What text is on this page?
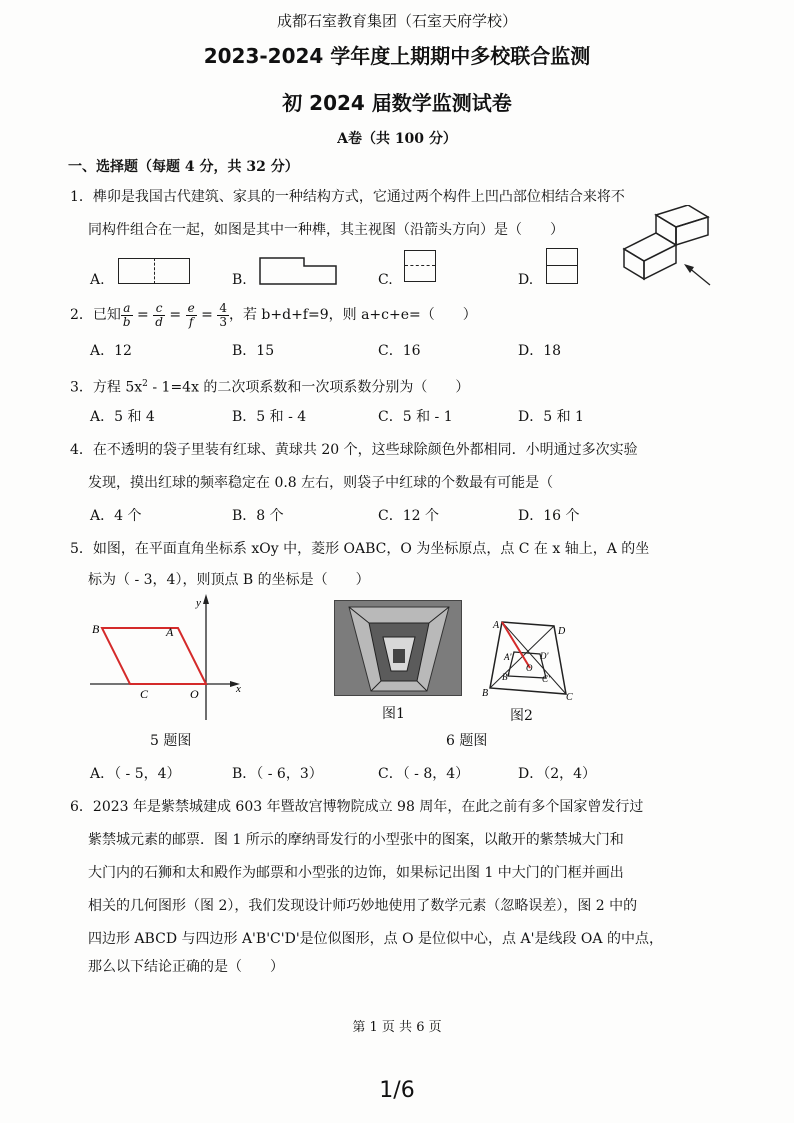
成都石室教育集团（石室天府学校）
2023-2024 学年度上期期中多校联合监测
初 2024 届数学监测试卷
A卷（共 100 分）
一、选择题（每题 4 分，共 32 分）
1．榫卯是我国古代建筑、家具的一种结构方式，它通过两个构件上凹凸部位相结合来将不
同构件组合在一起，如图是其中一种榫，其主视图（沿箭头方向）是（　　）
A.	B.	C.	D.
2．已知 $\frac{a}{b} = \frac{c}{d} = \frac{e}{f} = \frac{4}{3}$ ，若 b+d+f=9，则 a+c+e=（　　）
A．12	B．15	C．16	D．18
3．方程 $5x^2 - 1=4x$ 的二次项系数和一次项系数分别为（　　）
A．5 和 4	B．5 和 - 4	C．5 和 - 1	D．5 和 1
4．在不透明的袋子里装有红球、黄球共 20 个，这些球除颜色外都相同．小明通过多次实验
发现，摸出红球的频率稳定在 0.8 左右，则袋子中红球的个数最有可能是（
A．4 个	B．8 个	C．12 个	D．16 个
5．如图，在平面直角坐标系 xOy 中，菱形 OABC，O 为坐标原点，点 C 在 x 轴上，A 的坐
标为（ - 3，4），则顶点 B 的坐标是（　　）
B	A
C	O	x
y
5 题图
图1
A
D
A'	D'
O
B'	C'
B	C
图2
6 题图
A．（ - 5，4）	B．（ - 6，3）	C．（ - 8，4）	D．（2，4）
6．2023 年是紫禁城建成 603 年暨故宫博物院成立 98 周年，在此之前有多个国家曾发行过
紫禁城元素的邮票．图 1 所示的摩纳哥发行的小型张中的图案，以敞开的紫禁城大门和
大门内的石狮和太和殿作为邮票和小型张的边饰，如果标记出图 1 中大门的门框并画出
相关的几何图形（图 2），我们发现设计师巧妙地使用了数学元素（忽略误差），图 2 中的
四边形 ABCD 与四边形 A'B'C'D'是位似图形，点 O 是位似中心，点 A'是线段 OA 的中点，
那么以下结论正确的是（　　）
第 1 页 共 6 页
1/6
